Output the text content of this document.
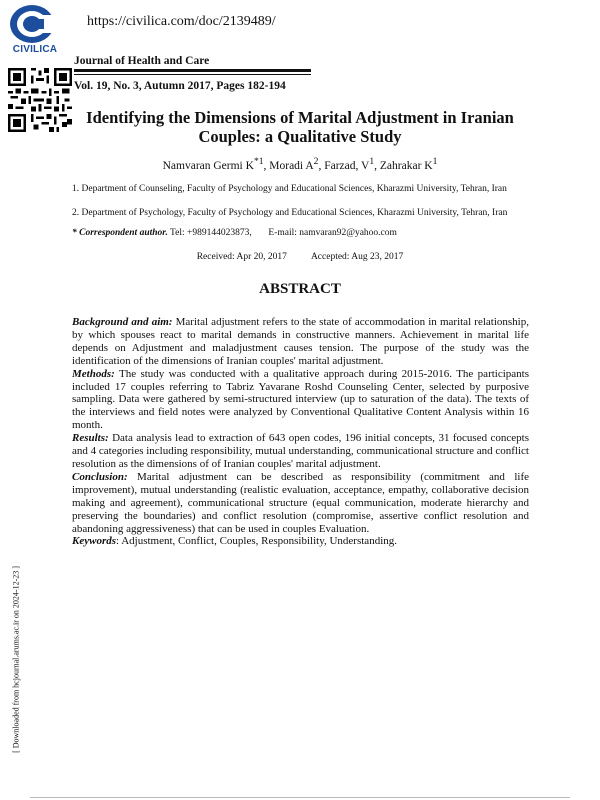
CIVILICA
https://civilica.com/doc/2139489/
Journal of Health and Care
Vol. 19, No. 3, Autumn 2017, Pages 182-194
Identifying the Dimensions of Marital Adjustment in Iranian Couples: a Qualitative Study
Namvaran Germi $K^{*1}$, Moradi $A^2$, Farzad, $V^1$, Zahrakar $K^1$
1. Department of Counseling, Faculty of Psychology and Educational Sciences, Kharazmi University, Tehran, Iran
2. Department of Psychology, Faculty of Psychology and Educational Sciences, Kharazmi University, Tehran, Iran
* Correspondent author. Tel: +989144023873,       E-mail: namvaran92@yahoo.com
Received: Apr 20, 2017	Accepted: Aug 23, 2017
ABSTRACT

Background and aim: Marital adjustment refers to the state of accommodation in marital relationship, by which spouses react to marital demands in constructive manners. Achievement in marital life depends on Adjustment and maladjustment causes tension. The purpose of the study was the identification of the dimensions of Iranian couples' marital adjustment.

Methods: The study was conducted with a qualitative approach during 2015-2016. The participants included 17 couples referring to Tabriz Yavarane Roshd Counseling Center, selected by purposive sampling. Data were gathered by semi-structured interview (up to saturation of the data). The texts of the interviews and field notes were analyzed by Conventional Qualitative Content Analysis within 16 month.

Results: Data analysis lead to extraction of 643 open codes, 196 initial concepts, 31 focused concepts and 4 categories including responsibility, mutual understanding, communicational structure and conflict resolution as the dimensions of of Iranian couples' marital adjustment.

Conclusion: Marital adjustment can be described as responsibility (commitment and life improvement), mutual understanding (realistic evaluation, acceptance, empathy, collaborative decision making and agreement), communicational structure (equal communication, moderate hierarchy and preserving the boundaries) and conflict resolution (compromise, assertive conflict resolution and abandoning aggressiveness) that can be used in couples Evaluation.

Keywords: Adjustment, Conflict, Couples, Responsibility, Understanding.

[ Downloaded from hcjournal.arums.ac.ir on 2024-12-23 ]
